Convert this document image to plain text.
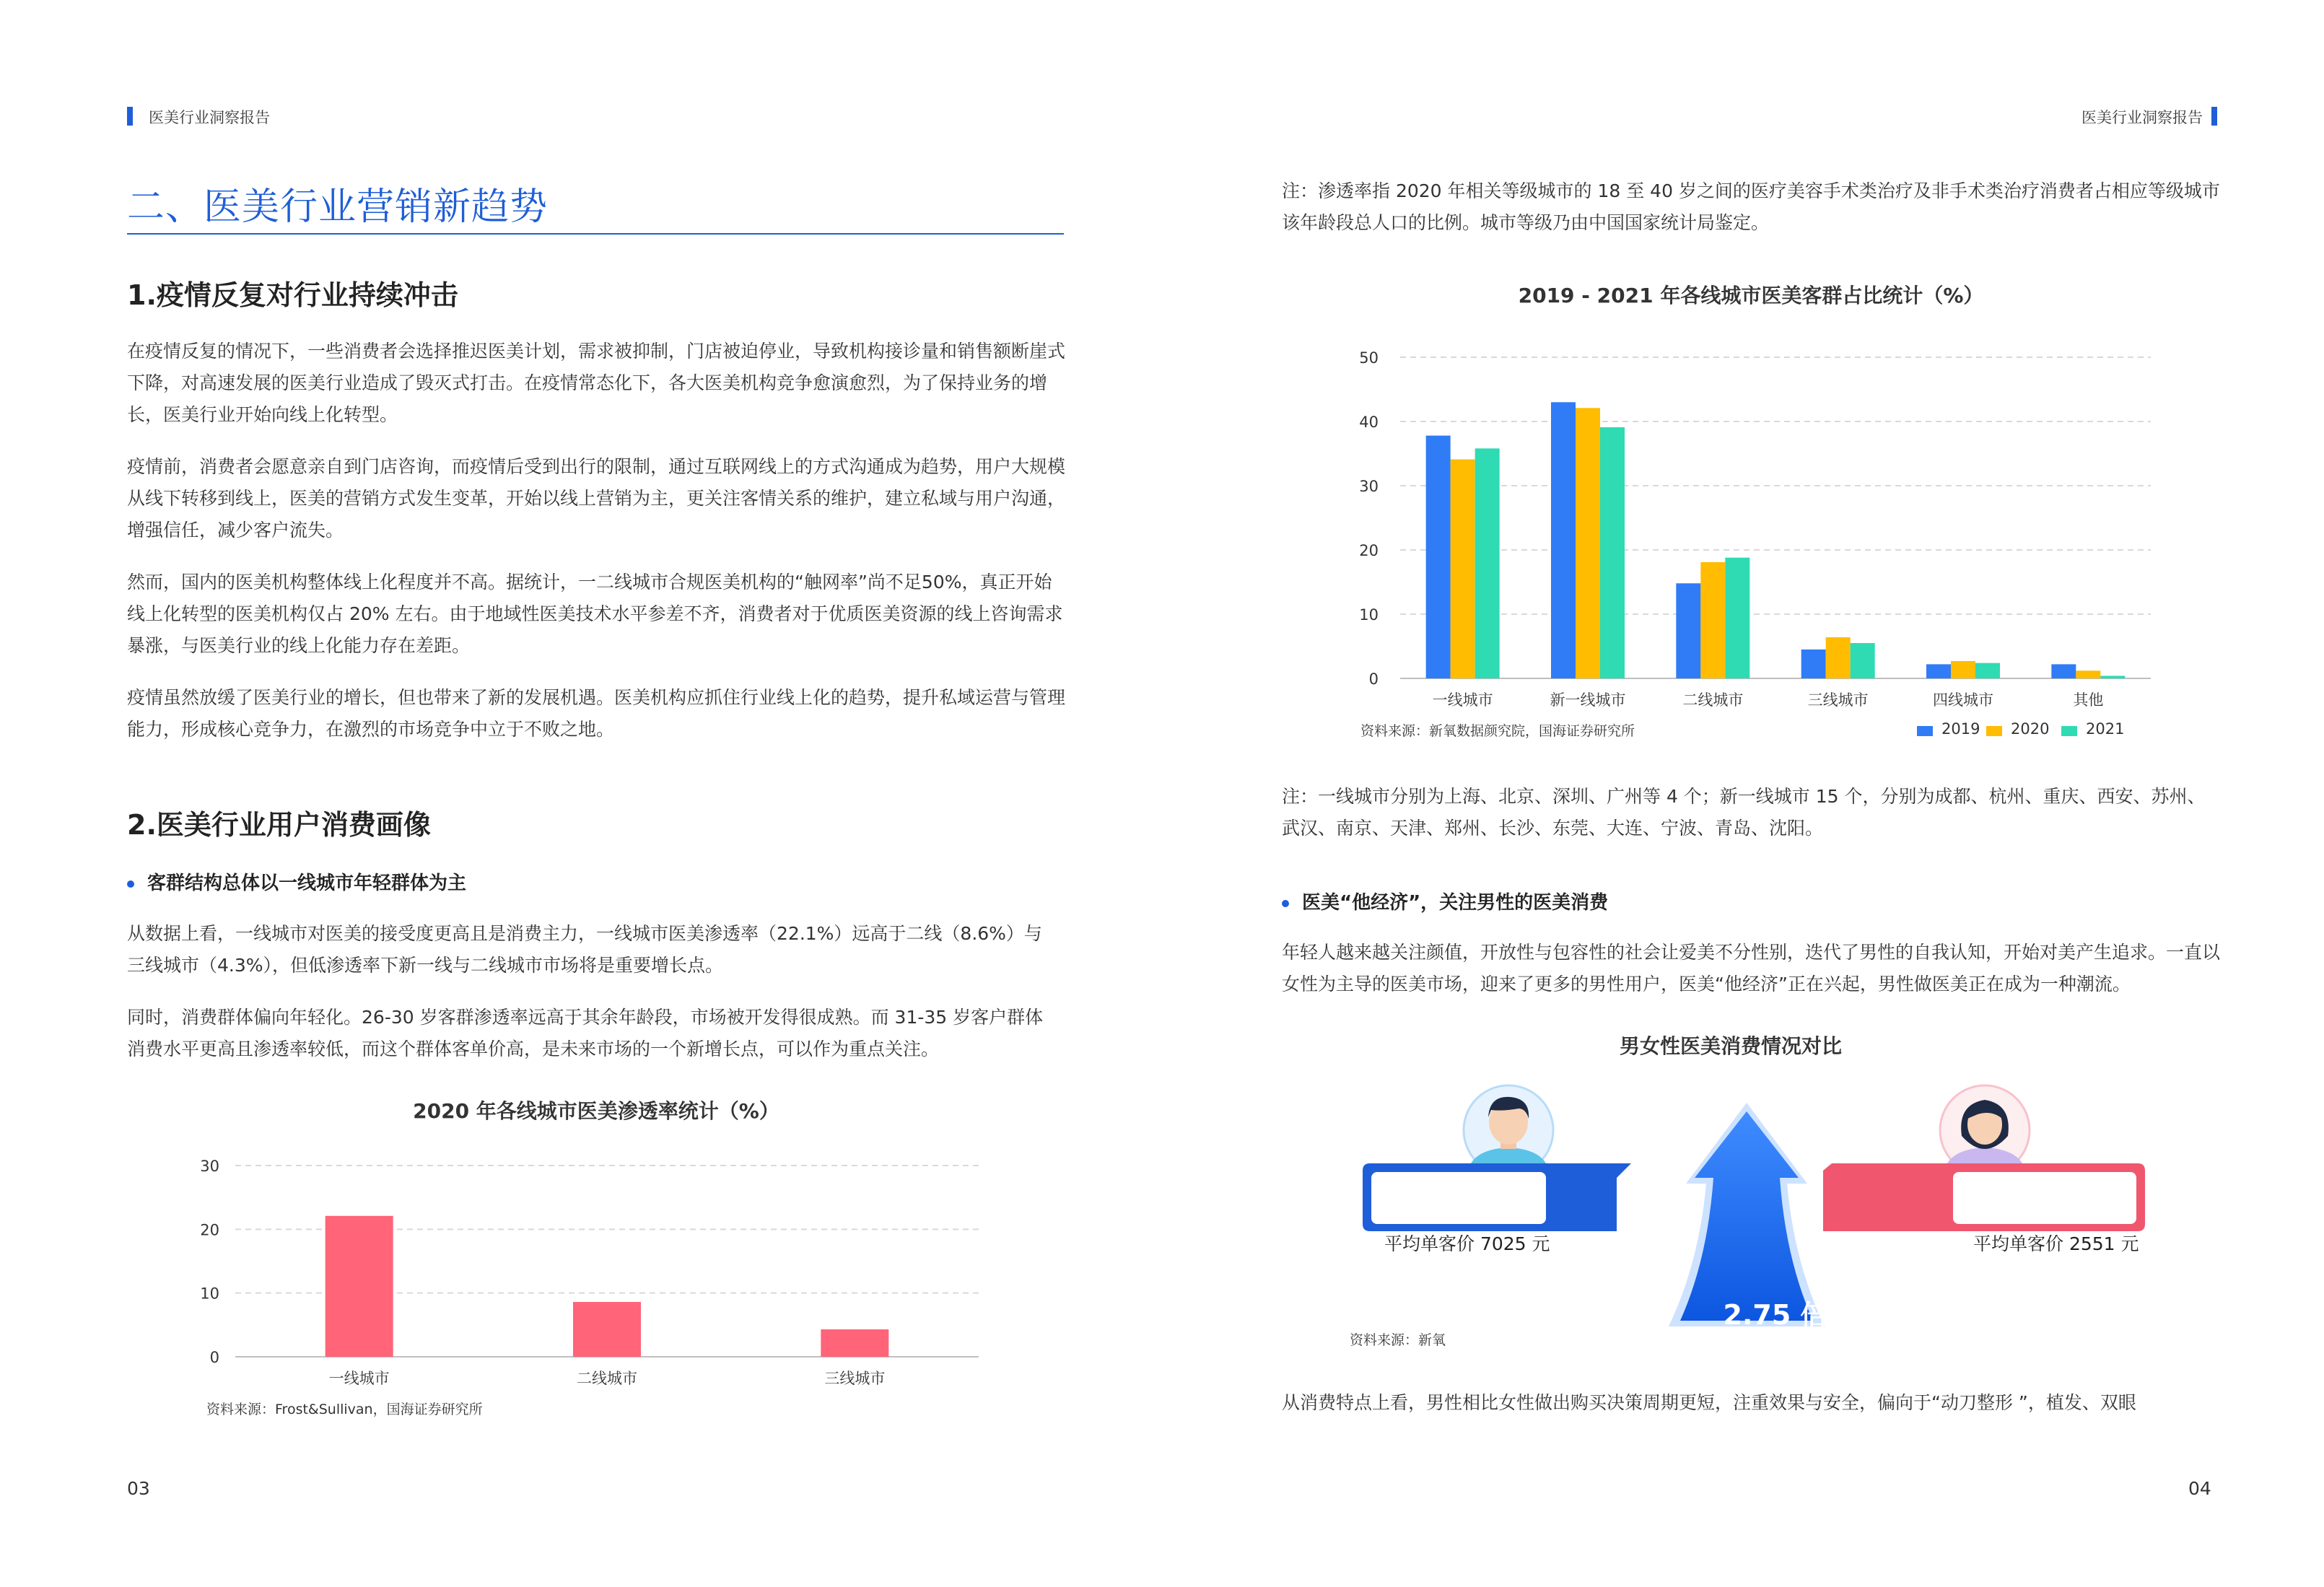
医美行业洞察报告
二、医美行业营销新趋势
1.疫情反复对行业持续冲击

在疫情反复的情况下，一些消费者会选择推迟医美计划，需求被抑制，门店被迫停业，导致机构接诊量和销售额断崖式下降，对高速发展的医美行业造成了毁灭式打击。在疫情常态化下，各大医美机构竞争愈演愈烈，为了保持业务的增长，医美行业开始向线上化转型。

疫情前，消费者会愿意亲自到门店咨询，而疫情后受到出行的限制，通过互联网线上的方式沟通成为趋势，用户大规模从线下转移到线上，医美的营销方式发生变革，开始以线上营销为主，更关注客情关系的维护，建立私域与用户沟通，增强信任，减少客户流失。

然而，国内的医美机构整体线上化程度并不高。据统计，一二线城市合规医美机构的“触网率”尚不足50%，真正开始线上化转型的医美机构仅占 20% 左右。由于地域性医美技术水平参差不齐，消费者对于优质医美资源的线上咨询需求暴涨，与医美行业的线上化能力存在差距。

疫情虽然放缓了医美行业的增长，但也带来了新的发展机遇。医美机构应抓住行业线上化的趋势，提升私域运营与管理能力，形成核心竞争力，在激烈的市场竞争中立于不败之地。

2.医美行业用户消费画像
客群结构总体以一线城市年轻群体为主

从数据上看，一线城市对医美的接受度更高且是消费主力，一线城市医美渗透率（22.1%）远高于二线（8.6%）与三线城市（4.3%），但低渗透率下新一线与二线城市市场将是重要增长点。

同时，消费群体偏向年轻化。26-30 岁客群渗透率远高于其余年龄段，市场被开发得很成熟。而 31-35 岁客户群体消费水平更高且渗透率较低，而这个群体客单价高，是未来市场的一个新增长点，可以作为重点关注。

2020 年各线城市医美渗透率统计（%）
0
10
20
30
一线城市	二线城市	三线城市
资料来源：Frost&Sullivan，国海证券研究所
03
医美行业洞察报告
注：渗透率指 2020 年相关等级城市的 18 至 40 岁之间的医疗美容手术类治疗及非手术类治疗消费者占相应等级城市该年龄段总人口的比例。城市等级乃由中国国家统计局鉴定。
2019 - 2021 年各线城市医美客群占比统计（%）
0
10
20
30
40
50
一线城市	新一线城市	二线城市	三线城市	四线城市	其他
资料来源：新氧数据颜究院，国海证券研究所
注：一线城市分别为上海、北京、深圳、广州等 4 个；新一线城市 15 个，分别为成都、杭州、重庆、西安、苏州、武汉、南京、天津、郑州、长沙、东莞、大连、宁波、青岛、沈阳。
医美“他经济”，关注男性的医美消费
年轻人越来越关注颜值，开放性与包容性的社会让爱美不分性别，迭代了男性的自我认知，开始对美产生追求。一直以女性为主导的医美市场，迎来了更多的男性用户，医美“他经济”正在兴起，男性做医美正在成为一种潮流。
男女性医美消费情况对比
平均单客价 7025 元 9.98%	90.02% 平均单客价 2551 元
2.75 倍
资料来源：新氧
从消费特点上看，男性相比女性做出购买决策周期更短，注重效果与安全，偏向于“动刀整形 ”，植发、双眼
04
2019 2020 2021
